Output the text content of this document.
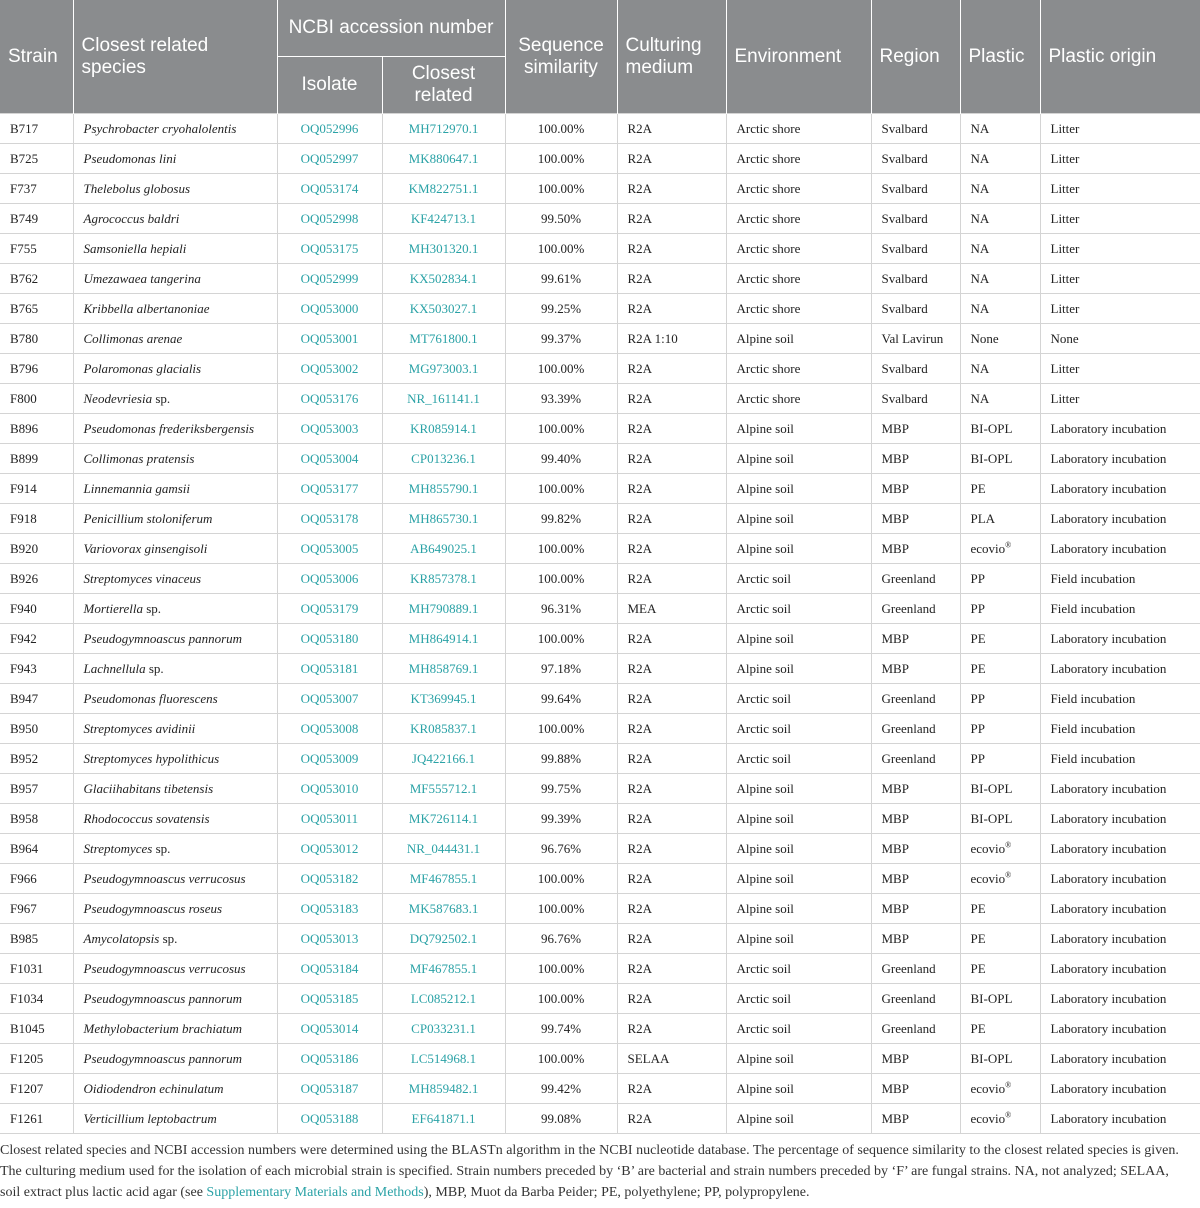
Strain	Closest related species	NCBI accession number		Sequence similarity	Culturing medium	Environment	Region	Plastic	Plastic origin
		Isolate	Closest related						
B717	Psychrobacter cryohalolentis	OQ052996	MH712970.1	100.00%	R2A	Arctic shore	Svalbard	NA	Litter
B725	Pseudomonas lini	OQ052997	MK880647.1	100.00%	R2A	Arctic shore	Svalbard	NA	Litter
F737	Thelebolus globosus	OQ053174	KM822751.1	100.00%	R2A	Arctic shore	Svalbard	NA	Litter
B749	Agrococcus baldri	OQ052998	KF424713.1	99.50%	R2A	Arctic shore	Svalbard	NA	Litter
F755	Samsoniella hepiali	OQ053175	MH301320.1	100.00%	R2A	Arctic shore	Svalbard	NA	Litter
B762	Umezawaea tangerina	OQ052999	KX502834.1	99.61%	R2A	Arctic shore	Svalbard	NA	Litter
B765	Kribbella albertanoniae	OQ053000	KX503027.1	99.25%	R2A	Arctic shore	Svalbard	NA	Litter
B780	Collimonas arenae	OQ053001	MT761800.1	99.37%	R2A 1:10	Alpine soil	Val Lavirun	None	None
B796	Polaromonas glacialis	OQ053002	MG973003.1	100.00%	R2A	Arctic shore	Svalbard	NA	Litter
F800	Neodevriesia sp.	OQ053176	NR_161141.1	93.39%	R2A	Arctic shore	Svalbard	NA	Litter
B896	Pseudomonas frederiksbergensis	OQ053003	KR085914.1	100.00%	R2A	Alpine soil	MBP	BI-OPL	Laboratory incubation
B899	Collimonas pratensis	OQ053004	CP013236.1	99.40%	R2A	Alpine soil	MBP	BI-OPL	Laboratory incubation
F914	Linnemannia gamsii	OQ053177	MH855790.1	100.00%	R2A	Alpine soil	MBP	PE	Laboratory incubation
F918	Penicillium stoloniferum	OQ053178	MH865730.1	99.82%	R2A	Alpine soil	MBP	PLA	Laboratory incubation
B920	Variovorax ginsengisoli	OQ053005	AB649025.1	100.00%	R2A	Alpine soil	MBP	ecovio®	Laboratory incubation
B926	Streptomyces vinaceus	OQ053006	KR857378.1	100.00%	R2A	Arctic soil	Greenland	PP	Field incubation
F940	Mortierella sp.	OQ053179	MH790889.1	96.31%	MEA	Arctic soil	Greenland	PP	Field incubation
F942	Pseudogymnoascus pannorum	OQ053180	MH864914.1	100.00%	R2A	Alpine soil	MBP	PE	Laboratory incubation
F943	Lachnellula sp.	OQ053181	MH858769.1	97.18%	R2A	Alpine soil	MBP	PE	Laboratory incubation
B947	Pseudomonas fluorescens	OQ053007	KT369945.1	99.64%	R2A	Arctic soil	Greenland	PP	Field incubation
B950	Streptomyces avidinii	OQ053008	KR085837.1	100.00%	R2A	Arctic soil	Greenland	PP	Field incubation
B952	Streptomyces hypolithicus	OQ053009	JQ422166.1	99.88%	R2A	Arctic soil	Greenland	PP	Field incubation
B957	Glaciihabitans tibetensis	OQ053010	MF555712.1	99.75%	R2A	Alpine soil	MBP	BI-OPL	Laboratory incubation
B958	Rhodococcus sovatensis	OQ053011	MK726114.1	99.39%	R2A	Alpine soil	MBP	BI-OPL	Laboratory incubation
B964	Streptomyces sp.	OQ053012	NR_044431.1	96.76%	R2A	Alpine soil	MBP	ecovio®	Laboratory incubation
F966	Pseudogymnoascus verrucosus	OQ053182	MF467855.1	100.00%	R2A	Alpine soil	MBP	ecovio®	Laboratory incubation
F967	Pseudogymnoascus roseus	OQ053183	MK587683.1	100.00%	R2A	Alpine soil	MBP	PE	Laboratory incubation
B985	Amycolatopsis sp.	OQ053013	DQ792502.1	96.76%	R2A	Alpine soil	MBP	PE	Laboratory incubation
F1031	Pseudogymnoascus verrucosus	OQ053184	MF467855.1	100.00%	R2A	Arctic soil	Greenland	PE	Laboratory incubation
F1034	Pseudogymnoascus pannorum	OQ053185	LC085212.1	100.00%	R2A	Arctic soil	Greenland	BI-OPL	Laboratory incubation
B1045	Methylobacterium brachiatum	OQ053014	CP033231.1	99.74%	R2A	Arctic soil	Greenland	PE	Laboratory incubation
F1205	Pseudogymnoascus pannorum	OQ053186	LC514968.1	100.00%	SELAA	Alpine soil	MBP	BI-OPL	Laboratory incubation
F1207	Oidiodendron echinulatum	OQ053187	MH859482.1	99.42%	R2A	Alpine soil	MBP	ecovio®	Laboratory incubation
F1261	Verticillium leptobactrum	OQ053188	EF641871.1	99.08%	R2A	Alpine soil	MBP	ecovio®	Laboratory incubation
Closest related species and NCBI accession numbers were determined using the BLASTn algorithm in the NCBI nucleotide database. The percentage of sequence similarity to the closest related species is given. The culturing medium used for the isolation of each microbial strain is specified. Strain numbers preceded by ‘B’ are bacterial and strain numbers preceded by ‘F’ are fungal strains. NA, not analyzed; SELAA, soil extract plus lactic acid agar (see Supplementary Materials and Methods), MBP, Muot da Barba Peider; PE, polyethylene; PP, polypropylene.
